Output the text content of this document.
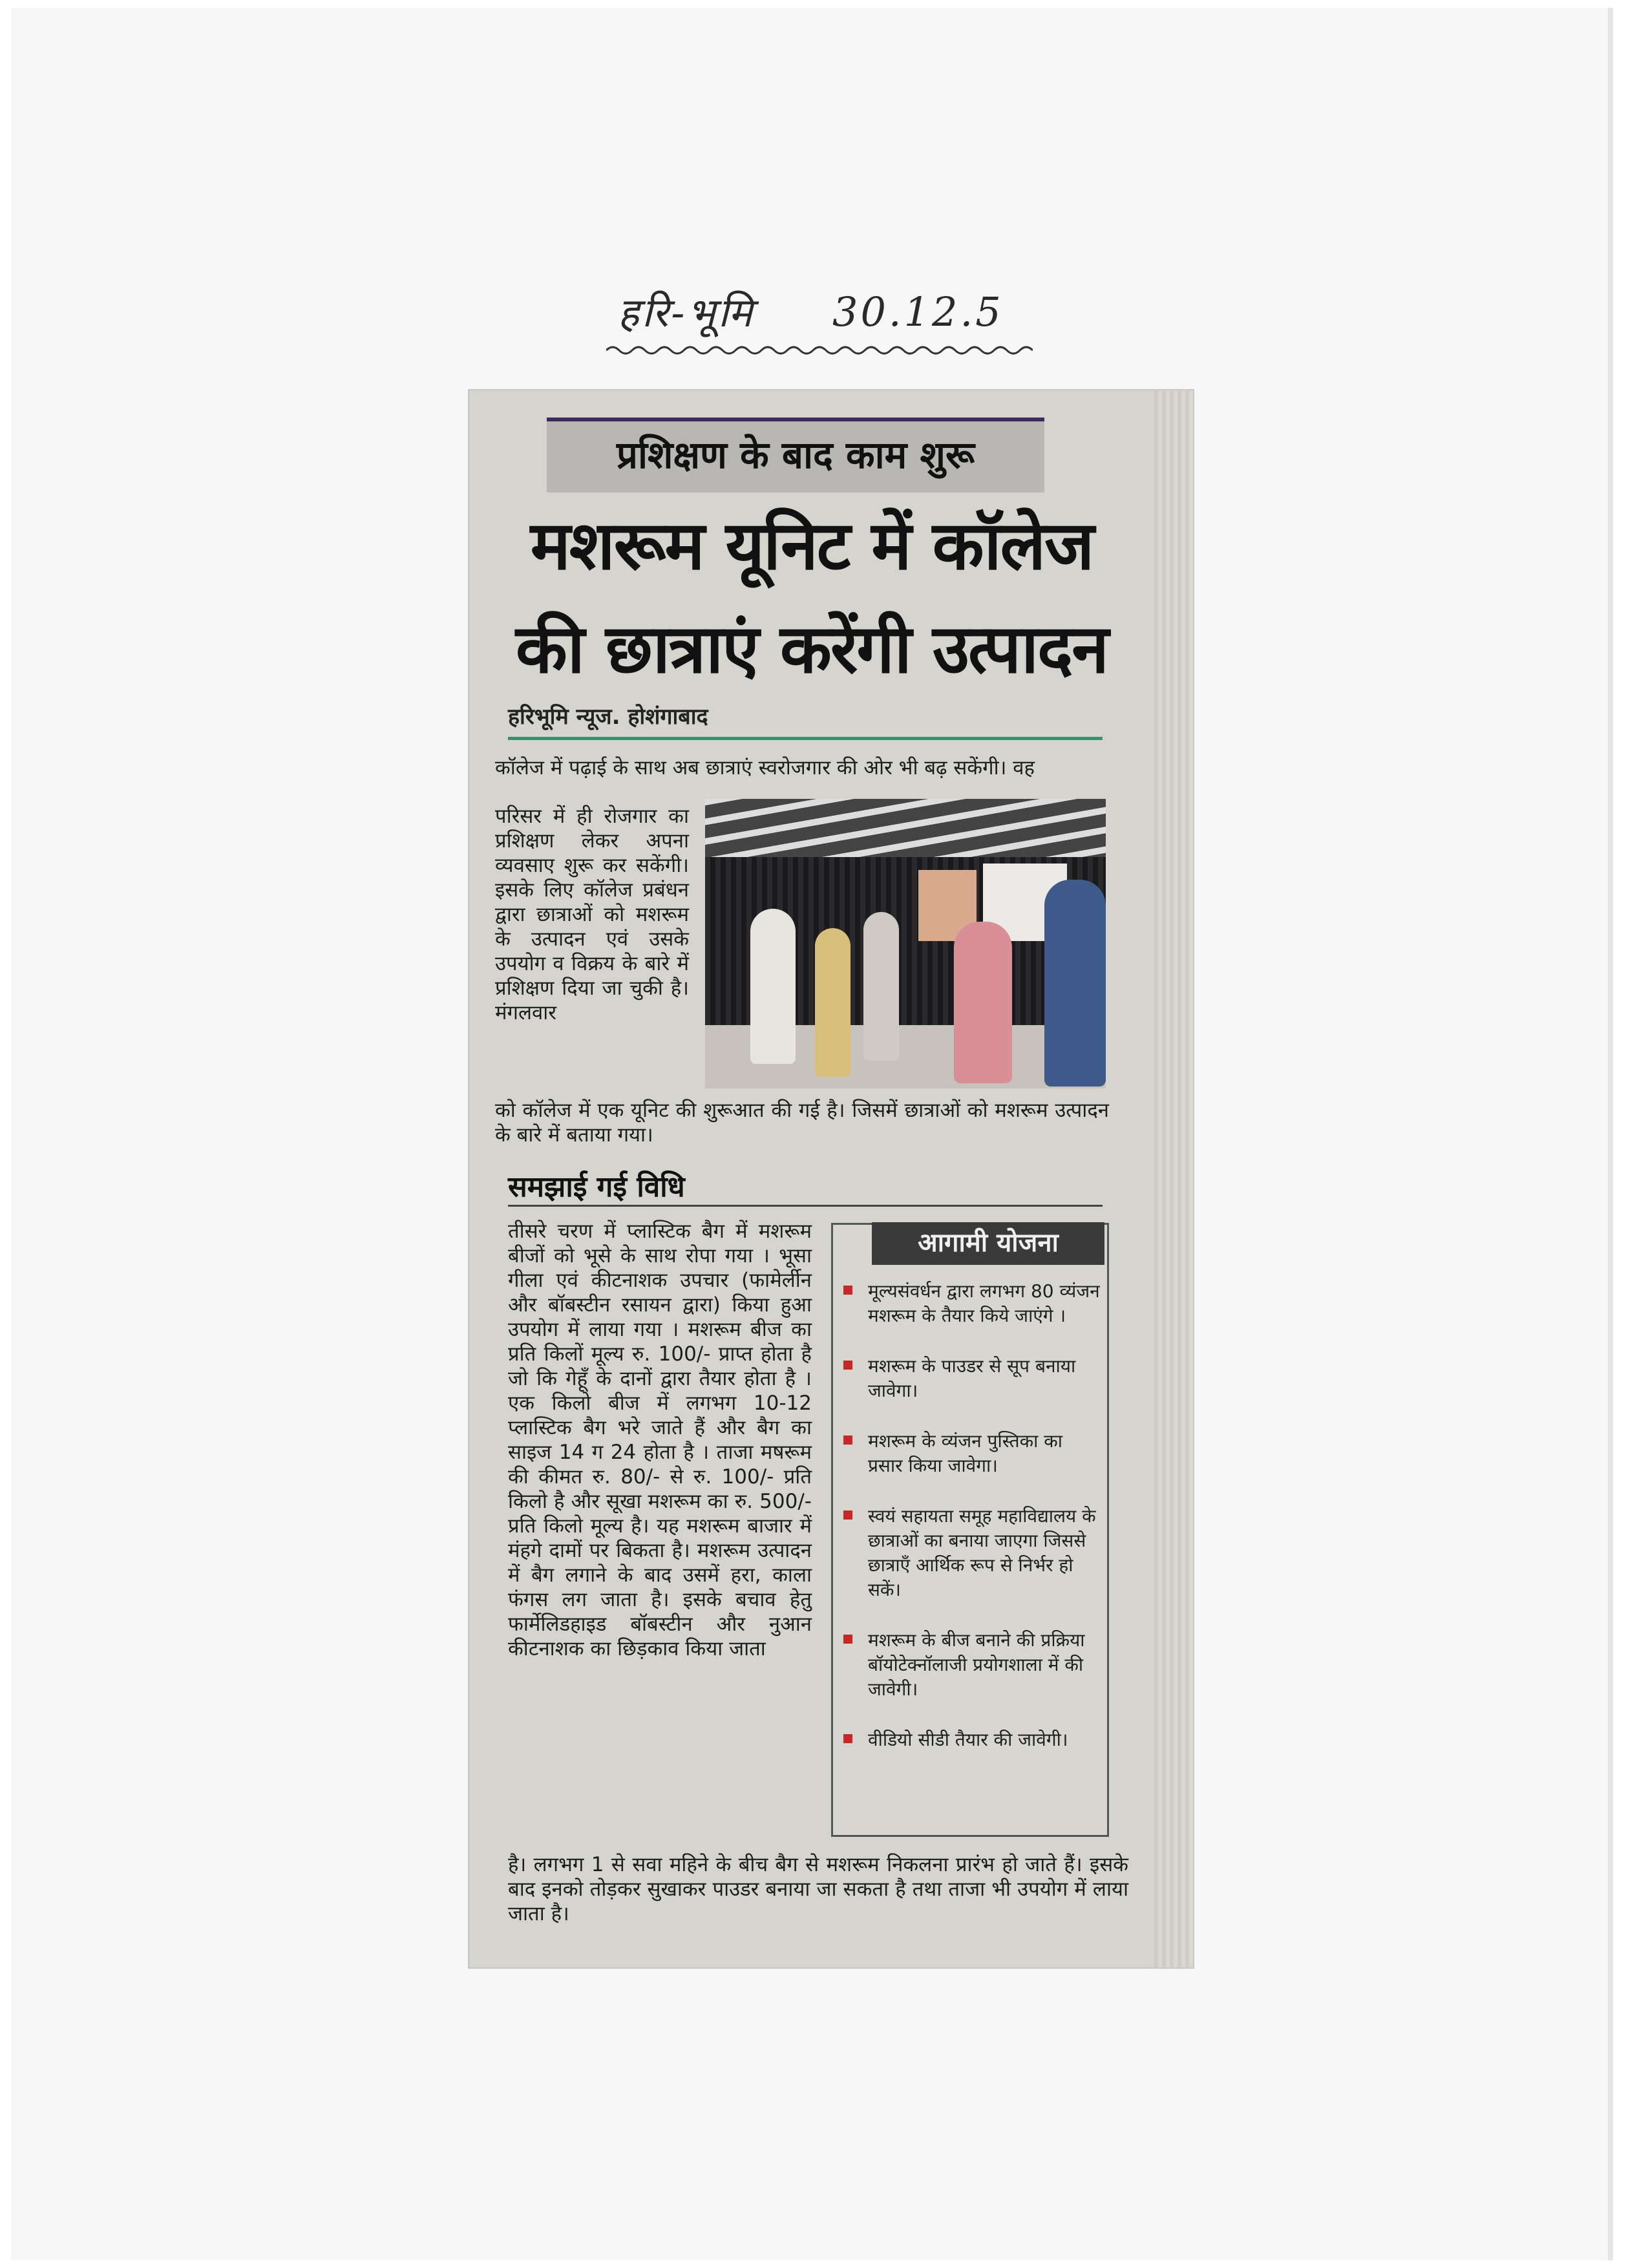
हरि-भूमि 30.12.5
प्रशिक्षण के बाद काम शुरू
मशरूम यूनिट में कॉलेज
की छात्राएं करेंगी उत्पादन
हरिभूमि न्यूज. होशंगाबाद
कॉलेज में पढ़ाई के साथ अब छात्राएं स्वरोजगार की ओर भी बढ़ सकेंगी। वह
परिसर में ही रोजगार का प्रशिक्षण लेकर अपना व्यवसाए शुरू कर सकेंगी। इसके लिए कॉलेज प्रबंधन द्वारा छात्राओं को मशरूम के उत्पादन एवं उसके उपयोग व विक्रय के बारे में प्रशिक्षण दिया जा चुकी है। मंगलवार
को कॉलेज में एक यूनिट की शुरूआत की गई है। जिसमें छात्राओं को मशरूम उत्पादन के बारे में बताया गया।
समझाई गई विधि
तीसरे चरण में प्लास्टिक बैग में मशरूम बीजों को भूसे के साथ रोपा गया । भूसा गीला एवं कीटनाशक उपचार (फामेर्लीन और बॉबस्टीन रसायन द्वारा) किया हुआ उपयोग में लाया गया । मशरूम बीज का प्रति किलों मूल्य रु. 100/- प्राप्त होता है जो कि गेहूँ के दानों द्वारा तैयार होता है । एक किलो बीज में लगभग 10-12 प्लास्टिक बैग भरे जाते हैं और बैग का साइज 14 ग 24 होता है । ताजा मषरूम की कीमत रु. 80/- से रु. 100/- प्रति किलो है और सूखा मशरूम का रु. 500/- प्रति किलो मूल्य है। यह मशरूम बाजार में मंहगे दामों पर बिकता है। मशरूम उत्पादन में बैग लगाने के बाद उसमें हरा, काला फंगस लग जाता है। इसके बचाव हेतु फार्मेलिडहाइड बॉबस्टीन और नुआन कीटनाशक का छिड़काव किया जाता
आगामी योजना
मूल्यसंवर्धन द्वारा लगभग 80 व्यंजन मशरूम के तैयार किये जाएंगे ।
मशरूम के पाउडर से सूप बनाया जावेगा।
मशरूम के व्यंजन पुस्तिका का प्रसार किया जावेगा।
स्वयं सहायता समूह महाविद्यालय के छात्राओं का बनाया जाएगा जिससे छात्राएँ आर्थिक रूप से निर्भर हो सकें।
मशरूम के बीज बनाने की प्रक्रिया बॉयोटेक्नॉलाजी प्रयोगशाला में की जावेगी।
वीडियो सीडी तैयार की जावेगी।
है। लगभग 1 से सवा महिने के बीच बैग से मशरूम निकलना प्रारंभ हो जाते हैं। इसके बाद इनको तोड़कर सुखाकर पाउडर बनाया जा सकता है तथा ताजा भी उपयोग में लाया जाता है।
